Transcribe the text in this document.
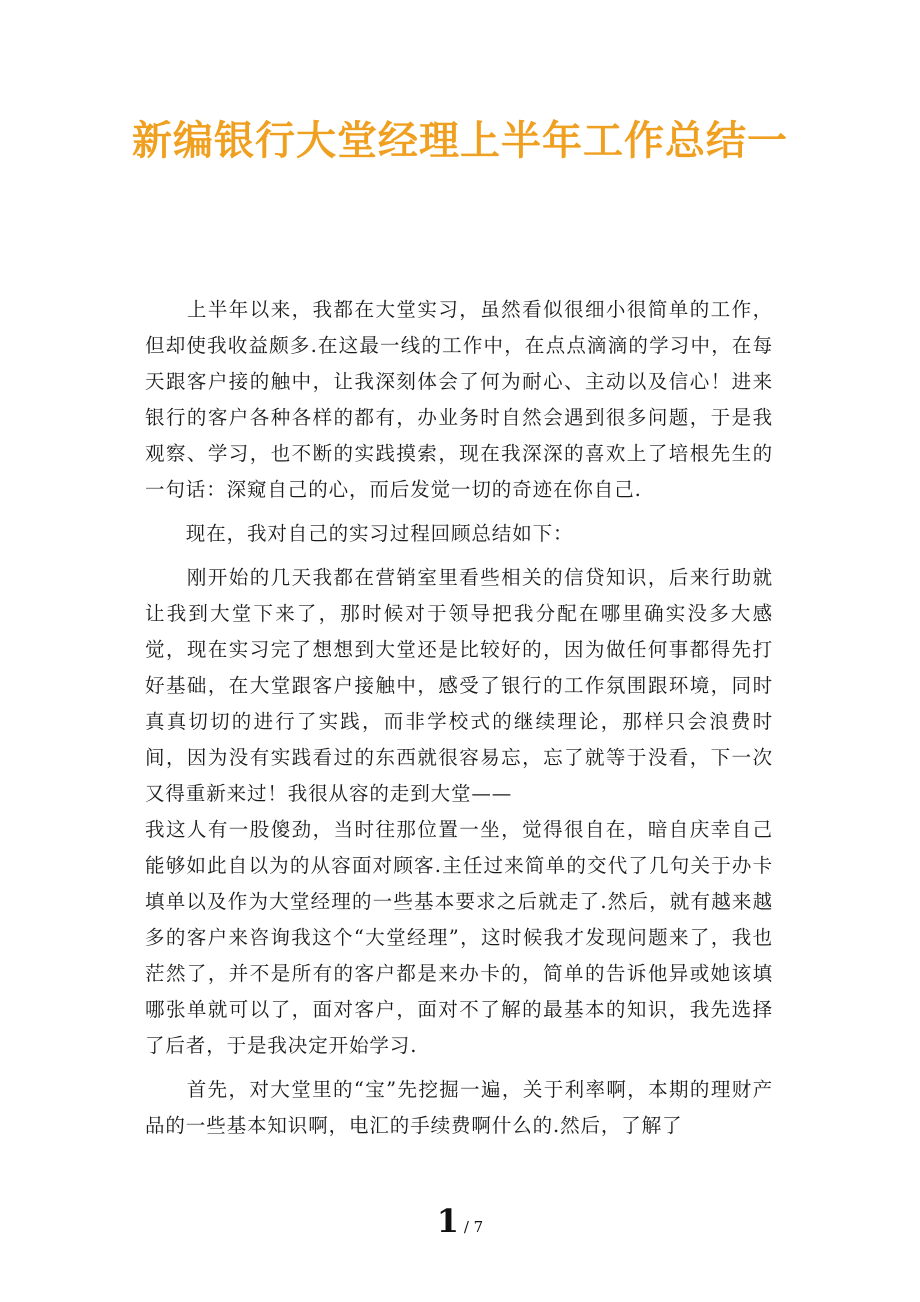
新编银行大堂经理上半年工作总结一

　　上半年以来，我都在大堂实习，虽然看似很细小很简单的工作，但却使我收益颇多.在这最一线的工作中，在点点滴滴的学习中，在每天跟客户接的触中，让我深刻体会了何为耐心、主动以及信心！进来银行的客户各种各样的都有，办业务时自然会遇到很多问题，于是我观察、学习，也不断的实践摸索，现在我深深的喜欢上了培根先生的一句话：深窥自己的心，而后发觉一切的奇迹在你自己.

　　现在，我对自己的实习过程回顾总结如下：

　　刚开始的几天我都在营销室里看些相关的信贷知识，后来行助就让我到大堂下来了，那时候对于领导把我分配在哪里确实没多大感觉，现在实习完了想想到大堂还是比较好的，因为做任何事都得先打好基础，在大堂跟客户接触中，感受了银行的工作氛围跟环境，同时真真切切的进行了实践，而非学校式的继续理论，那样只会浪费时间，因为没有实践看过的东西就很容易忘，忘了就等于没看，下一次又得重新来过！我很从容的走到大堂——

我这人有一股傻劲，当时往那位置一坐，觉得很自在，暗自庆幸自己能够如此自以为的从容面对顾客.主任过来简单的交代了几句关于办卡填单以及作为大堂经理的一些基本要求之后就走了.然后，就有越来越多的客户来咨询我这个“大堂经理”，这时候我才发现问题来了，我也茫然了，并不是所有的客户都是来办卡的，简单的告诉他异或她该填哪张单就可以了，面对客户，面对不了解的最基本的知识，我先选择了后者，于是我决定开始学习.

　　首先，对大堂里的“宝”先挖掘一遍，关于利率啊，本期的理财产品的一些基本知识啊，电汇的手续费啊什么的.然后，了解了

1 / 7
